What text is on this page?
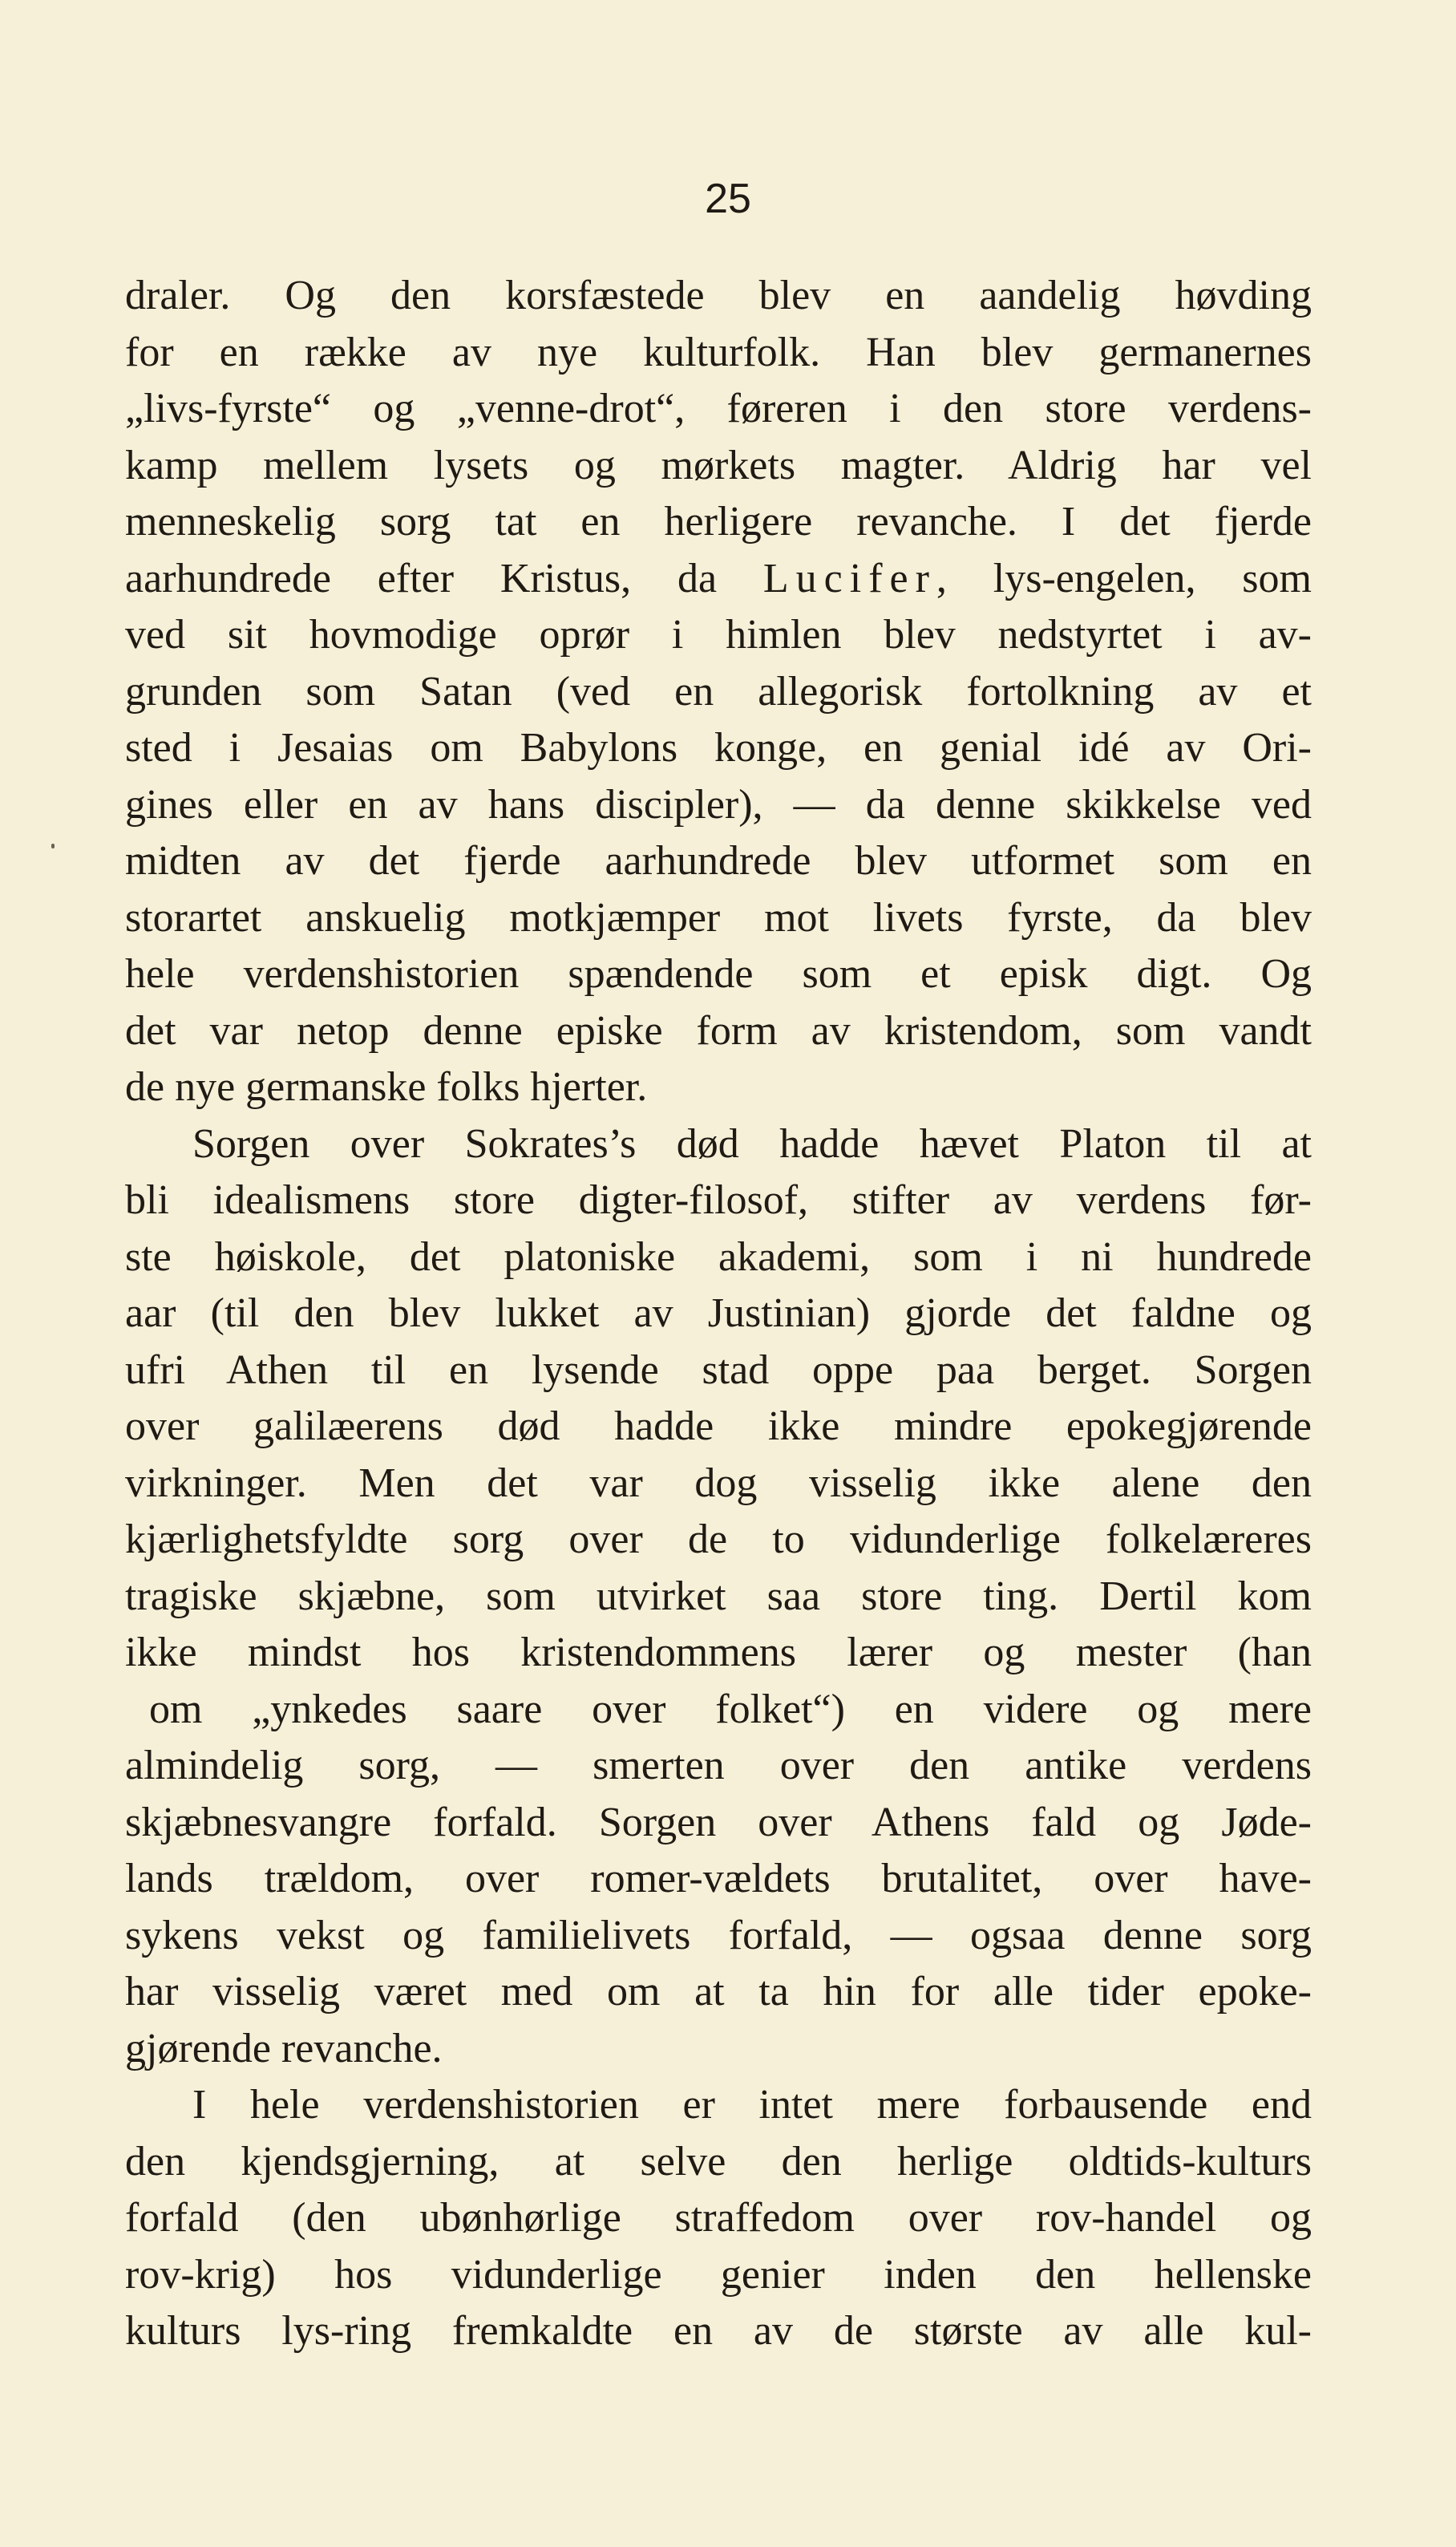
25
draler. Og den korsfæstede blev en aandelig høvding
for en række av nye kulturfolk. Han blev germanernes
„livs-fyrste“ og „venne-drot“, føreren i den store verdens-
kamp mellem lysets og mørkets magter. Aldrig har vel
menneskelig sorg tat en herligere revanche. I det fjerde
aarhundrede efter Kristus, da Lucifer, lys-engelen, som
ved sit hovmodige oprør i himlen blev nedstyrtet i av-
grunden som Satan (ved en allegorisk fortolkning av et
sted i Jesaias om Babylons konge, en genial idé av Ori-
gines eller en av hans discipler), — da denne skikkelse ved
midten av det fjerde aarhundrede blev utformet som en
storartet anskuelig motkjæmper mot livets fyrste, da blev
hele verdenshistorien spændende som et episk digt. Og
det var netop denne episke form av kristendom, som vandt
de nye germanske folks hjerter.
Sorgen over Sokrates’s død hadde hævet Platon til at
bli idealismens store digter-filosof, stifter av verdens før-
ste høiskole, det platoniske akademi, som i ni hundrede
aar (til den blev lukket av Justinian) gjorde det faldne og
ufri Athen til en lysende stad oppe paa berget. Sorgen
over galilæerens død hadde ikke mindre epokegjørende
virkninger. Men det var dog visselig ikke alene den
kjærlighetsfyldte sorg over de to vidunderlige folkelæreres
tragiske skjæbne, som utvirket saa store ting. Dertil kom
ikke mindst hos kristendommens lærer og mester (han
om „ynkedes saare over folket“) en videre og mere
almindelig sorg, — smerten over den antike verdens
skjæbnesvangre forfald. Sorgen over Athens fald og Jøde-
lands trældom, over romer-vældets brutalitet, over have-
sykens vekst og familielivets forfald, — ogsaa denne sorg
har visselig været med om at ta hin for alle tider epoke-
gjørende revanche.
I hele verdenshistorien er intet mere forbausende end
den kjendsgjerning, at selve den herlige oldtids-kulturs
forfald (den ubønhørlige straffedom over rov-handel og
rov-krig) hos vidunderlige genier inden den hellenske
kulturs lys-ring fremkaldte en av de største av alle kul-
